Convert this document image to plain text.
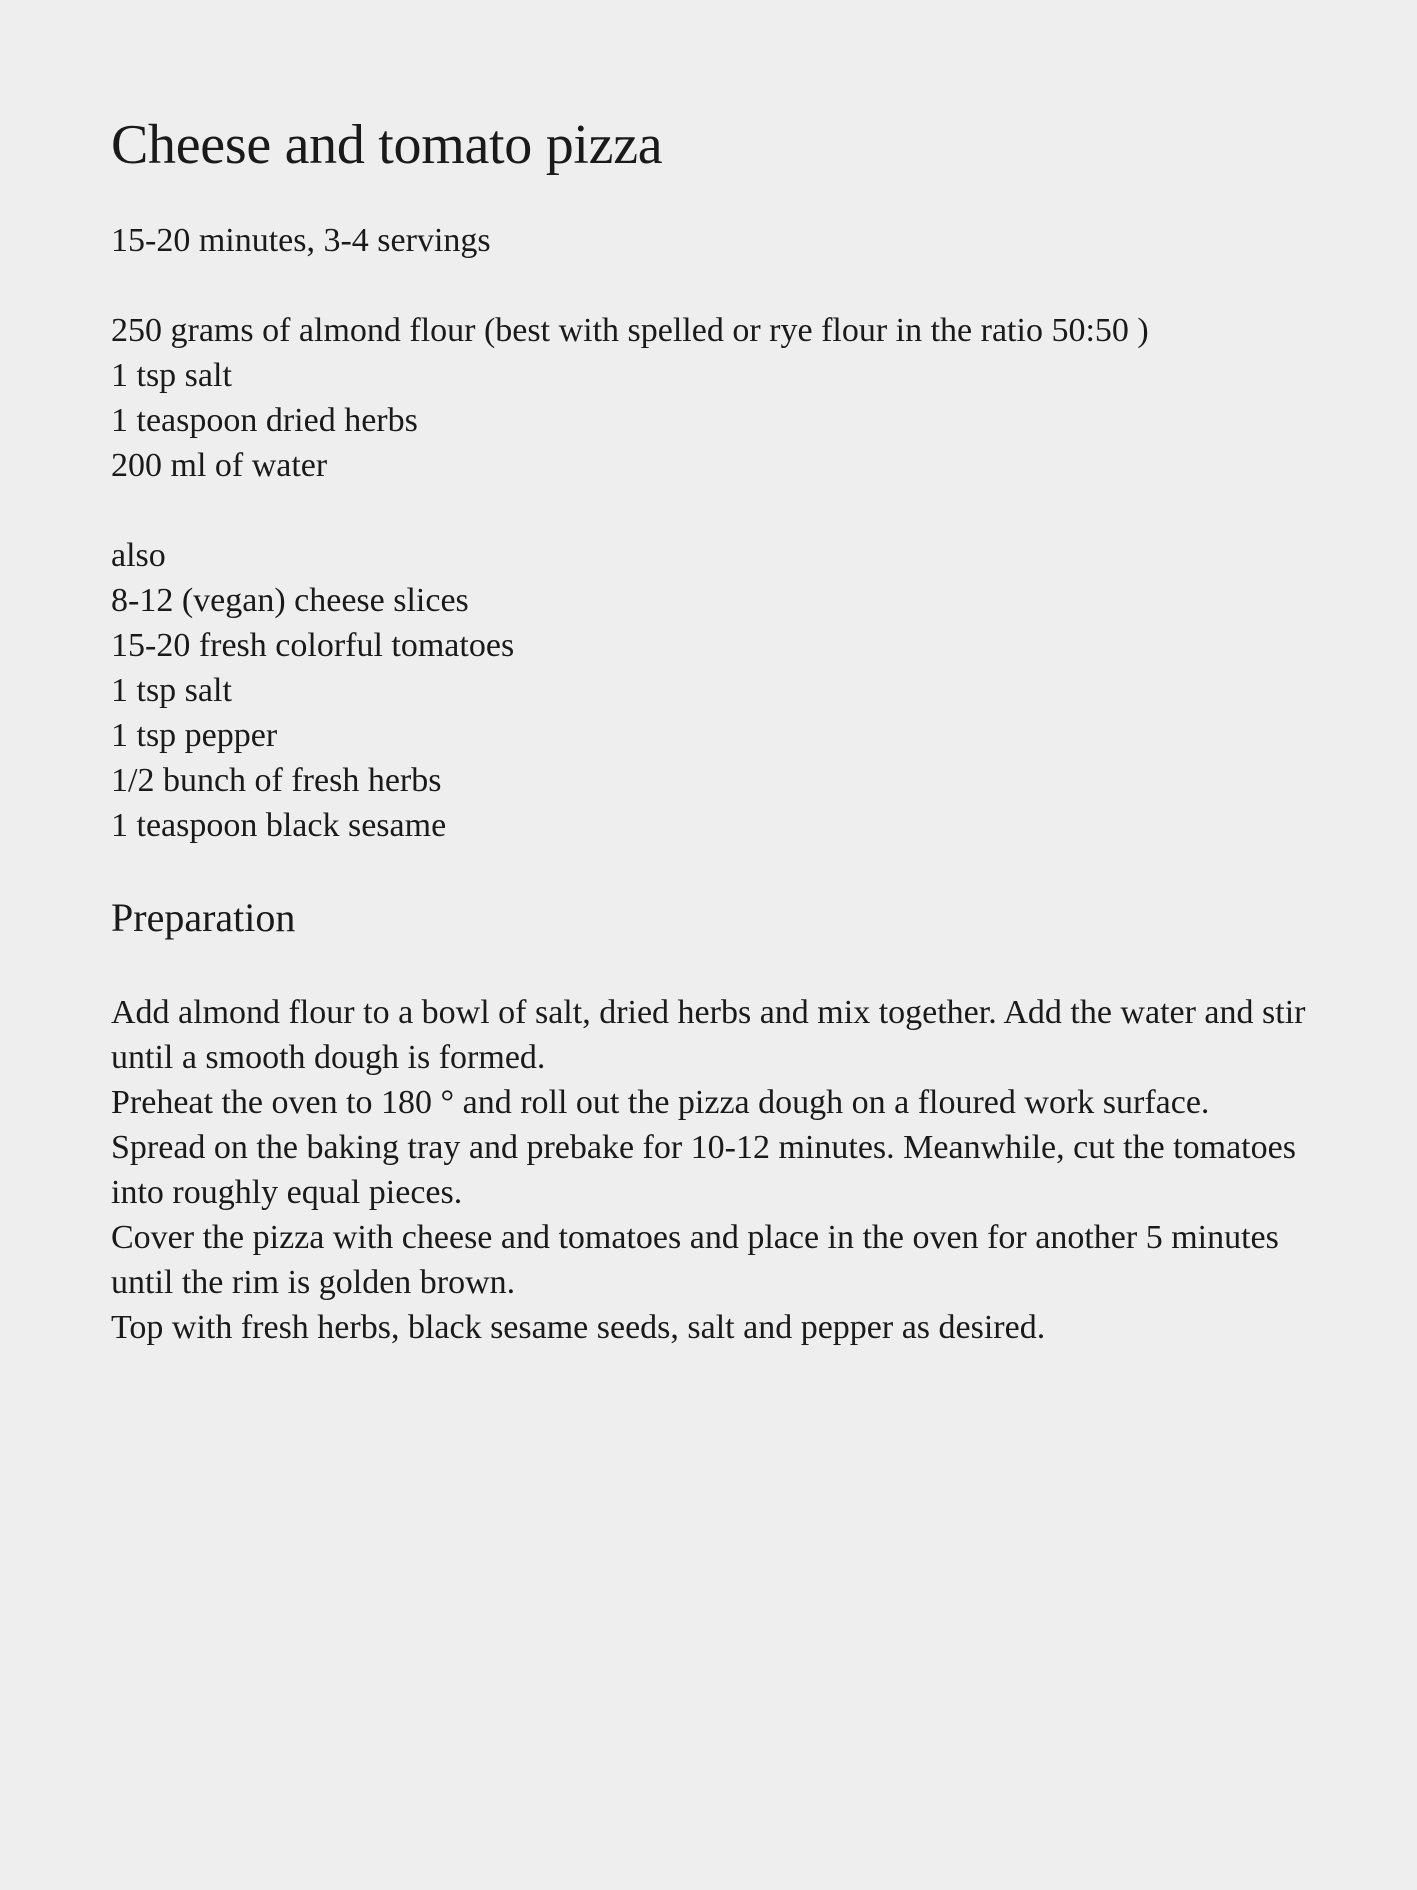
Cheese and tomato pizza
15-20 minutes, 3-4 servings
250 grams of almond flour (best with spelled or rye flour in the ratio 50:50 )
1 tsp salt
1 teaspoon dried herbs
200 ml of water
also
8-12 (vegan) cheese slices
15-20 fresh colorful tomatoes
1 tsp salt
1 tsp pepper
1/2 bunch of fresh herbs
1 teaspoon black sesame
Preparation

Add almond flour to a bowl of salt, dried herbs and mix together. Add the water and stir until a smooth dough is formed.

Preheat the oven to 180 ° and roll out the pizza dough on a floured work surface. Spread on the baking tray and prebake for 10-12 minutes. Meanwhile, cut the tomatoes into roughly equal pieces.

Cover the pizza with cheese and tomatoes and place in the oven for another 5 minutes until the rim is golden brown.

Top with fresh herbs, black sesame seeds, salt and pepper as desired.
